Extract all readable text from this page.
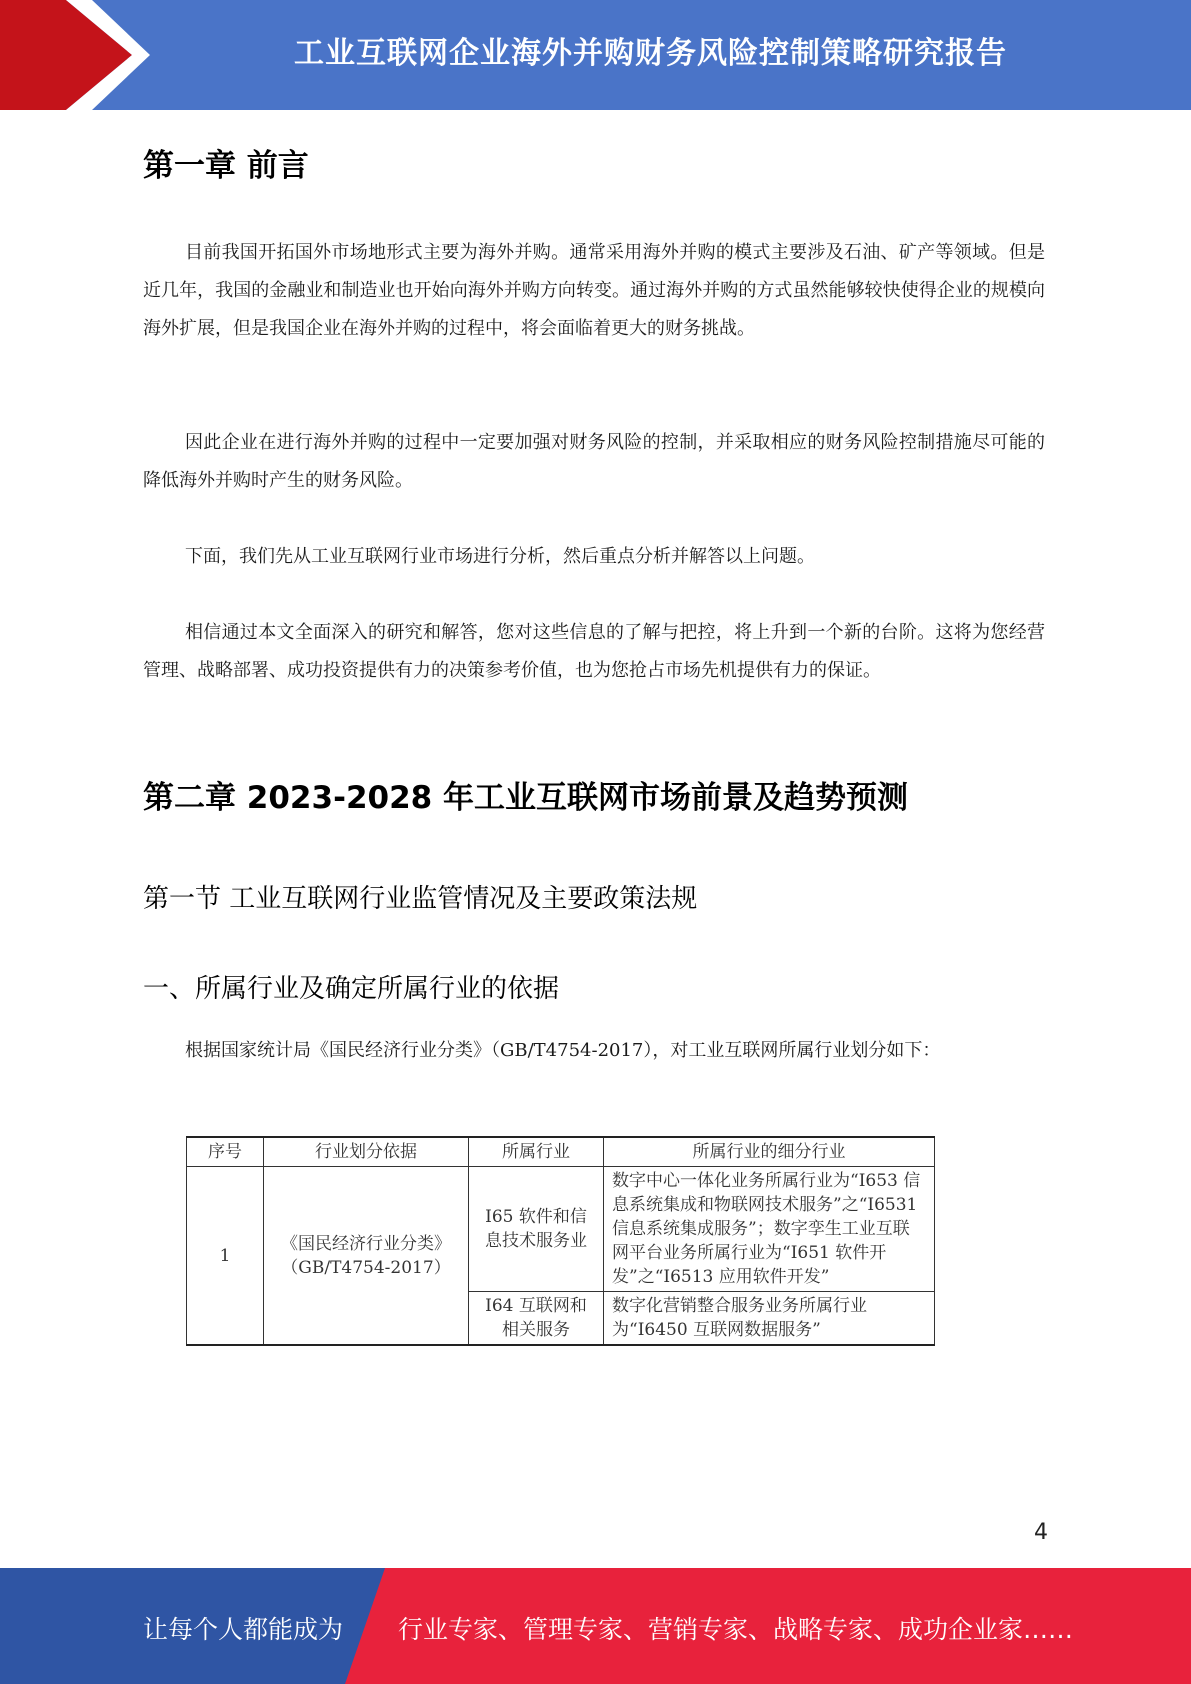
工业互联网企业海外并购财务风险控制策略研究报告
第一章 前言

目前我国开拓国外市场地形式主要为海外并购。通常采用海外并购的模式主要涉及石油、矿产等领域。但是近几年，我国的金融业和制造业也开始向海外并购方向转变。通过海外并购的方式虽然能够较快使得企业的规模向海外扩展，但是我国企业在海外并购的过程中，将会面临着更大的财务挑战。

因此企业在进行海外并购的过程中一定要加强对财务风险的控制，并采取相应的财务风险控制措施尽可能的降低海外并购时产生的财务风险。

下面，我们先从工业互联网行业市场进行分析，然后重点分析并解答以上问题。

相信通过本文全面深入的研究和解答，您对这些信息的了解与把控，将上升到一个新的台阶。这将为您经营管理、战略部署、成功投资提供有力的决策参考价值，也为您抢占市场先机提供有力的保证。

第二章 2023-2028 年工业互联网市场前景及趋势预测
第一节 工业互联网行业监管情况及主要政策法规
一、所属行业及确定所属行业的依据

根据国家统计局《国民经济行业分类》（GB/T4754-2017），对工业互联网所属行业划分如下：

序号	行业划分依据	所属行业	所属行业的细分行业
1	《国民经济行业分类》（GB/T4754-2017）	I65 软件和信息技术服务业	数字中心一体化业务所属行业为“I653 信息系统集成和物联网技术服务”之“I6531 信息系统集成服务”；数字孪生工业互联网平台业务所属行业为“I651 软件开发”之“I6513 应用软件开发”
		I64 互联网和相关服务	数字化营销整合服务业务所属行业为“I6450 互联网数据服务”
4
让每个人都能成为 行业专家、管理专家、营销专家、战略专家、成功企业家……
